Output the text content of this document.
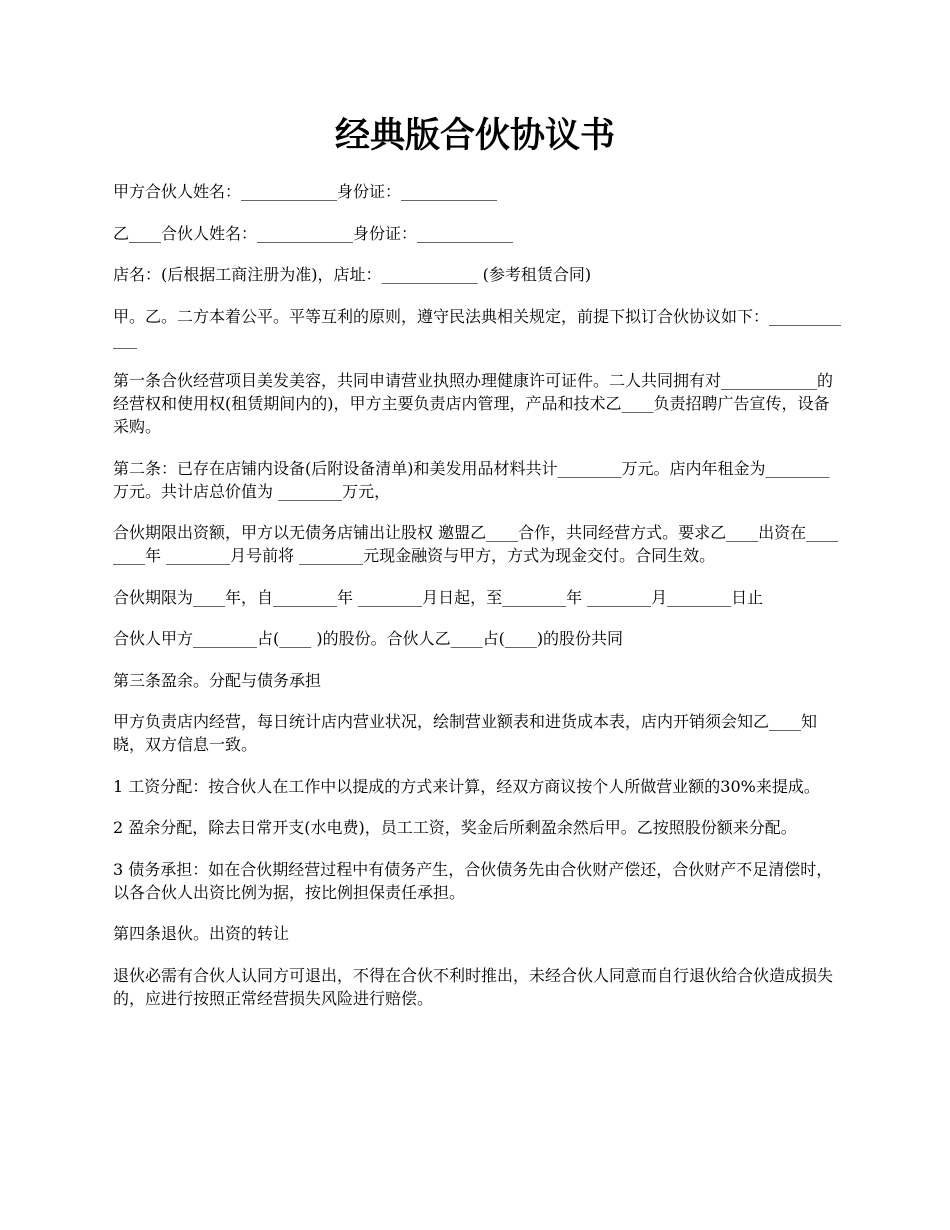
经典版合伙协议书

甲方合伙人姓名：____________身份证：____________

乙____合伙人姓名：____________身份证：____________

店名：(后根据工商注册为准)，店址：____________ (参考租赁合同)

甲。乙。二方本着公平。平等互利的原则，遵守民法典相关规定，前提下拟订合伙协议如下：____________

第一条合伙经营项目美发美容，共同申请营业执照办理健康许可证件。二人共同拥有对____________的经营权和使用权(租赁期间内的)，甲方主要负责店内管理，产品和技术乙____负责招聘广告宣传，设备采购。

第二条：已存在店铺内设备(后附设备清单)和美发用品材料共计________万元。店内年租金为________万元。共计店总价值为 ________万元，

合伙期限出资额，甲方以无债务店铺出让股权 邀盟乙____合作，共同经营方式。要求乙____出资在________年 ________月号前将 ________元现金融资与甲方，方式为现金交付。合同生效。

合伙期限为____年，自________年 ________月日起，至________年 ________月________日止

合伙人甲方________占(____ )的股份。合伙人乙____占(____)的股份共同

第三条盈余。分配与债务承担

甲方负责店内经营，每日统计店内营业状况，绘制营业额表和进货成本表，店内开销须会知乙____知晓，双方信息一致。

1 工资分配：按合伙人在工作中以提成的方式来计算，经双方商议按个人所做营业额的30%来提成。

2 盈余分配，除去日常开支(水电费)，员工工资，奖金后所剩盈余然后甲。乙按照股份额来分配。

3 债务承担：如在合伙期经营过程中有债务产生，合伙债务先由合伙财产偿还，合伙财产不足清偿时，以各合伙人出资比例为据，按比例担保责任承担。

第四条退伙。出资的转让

退伙必需有合伙人认同方可退出，不得在合伙不利时推出，未经合伙人同意而自行退伙给合伙造成损失的，应进行按照正常经营损失风险进行赔偿。
